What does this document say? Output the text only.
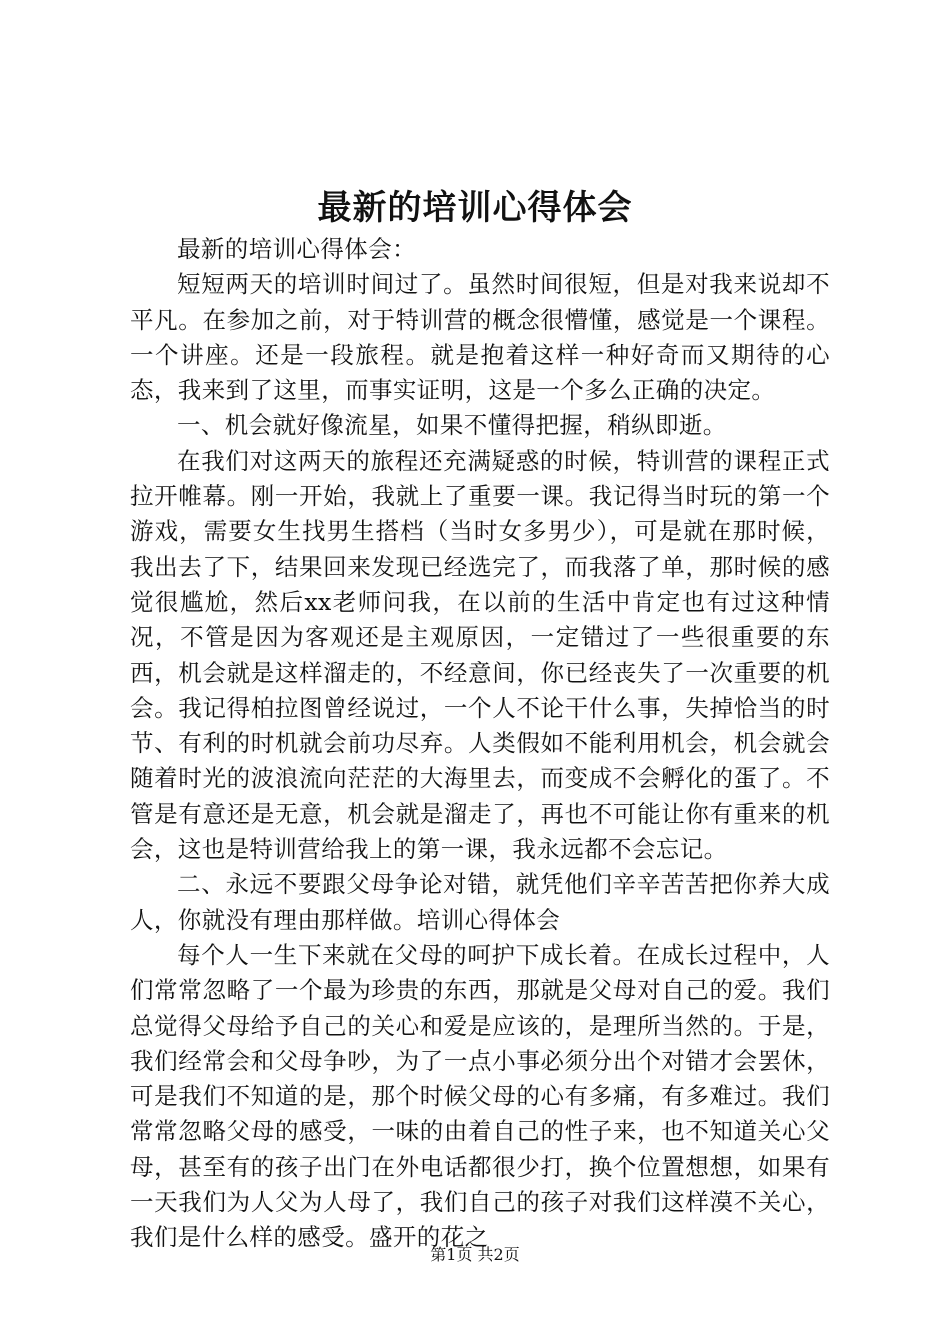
最新的培训心得体会

最新的培训心得体会：

短短两天的培训时间过了。虽然时间很短，但是对我来说却不平凡。在参加之前，对于特训营的概念很懵懂，感觉是一个课程。一个讲座。还是一段旅程。就是抱着这样一种好奇而又期待的心态，我来到了这里，而事实证明，这是一个多么正确的决定。

一、机会就好像流星，如果不懂得把握，稍纵即逝。

在我们对这两天的旅程还充满疑惑的时候，特训营的课程正式拉开帷幕。刚一开始，我就上了重要一课。我记得当时玩的第一个游戏，需要女生找男生搭档（当时女多男少），可是就在那时候，我出去了下，结果回来发现已经选完了，而我落了单，那时候的感觉很尴尬，然后xx老师问我，在以前的生活中肯定也有过这种情况，不管是因为客观还是主观原因，一定错过了一些很重要的东西，机会就是这样溜走的，不经意间，你已经丧失了一次重要的机会。我记得柏拉图曾经说过，一个人不论干什么事，失掉恰当的时节、有利的时机就会前功尽弃。人类假如不能利用机会，机会就会随着时光的波浪流向茫茫的大海里去，而变成不会孵化的蛋了。不管是有意还是无意，机会就是溜走了，再也不可能让你有重来的机会，这也是特训营给我上的第一课，我永远都不会忘记。

二、永远不要跟父母争论对错，就凭他们辛辛苦苦把你养大成人，你就没有理由那样做。培训心得体会

每个人一生下来就在父母的呵护下成长着。在成长过程中，人们常常忽略了一个最为珍贵的东西，那就是父母对自己的爱。我们总觉得父母给予自己的关心和爱是应该的，是理所当然的。于是，我们经常会和父母争吵，为了一点小事必须分出个对错才会罢休，可是我们不知道的是，那个时候父母的心有多痛，有多难过。我们常常忽略父母的感受，一味的由着自己的性子来，也不知道关心父母，甚至有的孩子出门在外电话都很少打，换个位置想想，如果有一天我们为人父为人母了，我们自己的孩子对我们这样漠不关心，我们是什么样的感受。盛开的花之

第1页 共2页
